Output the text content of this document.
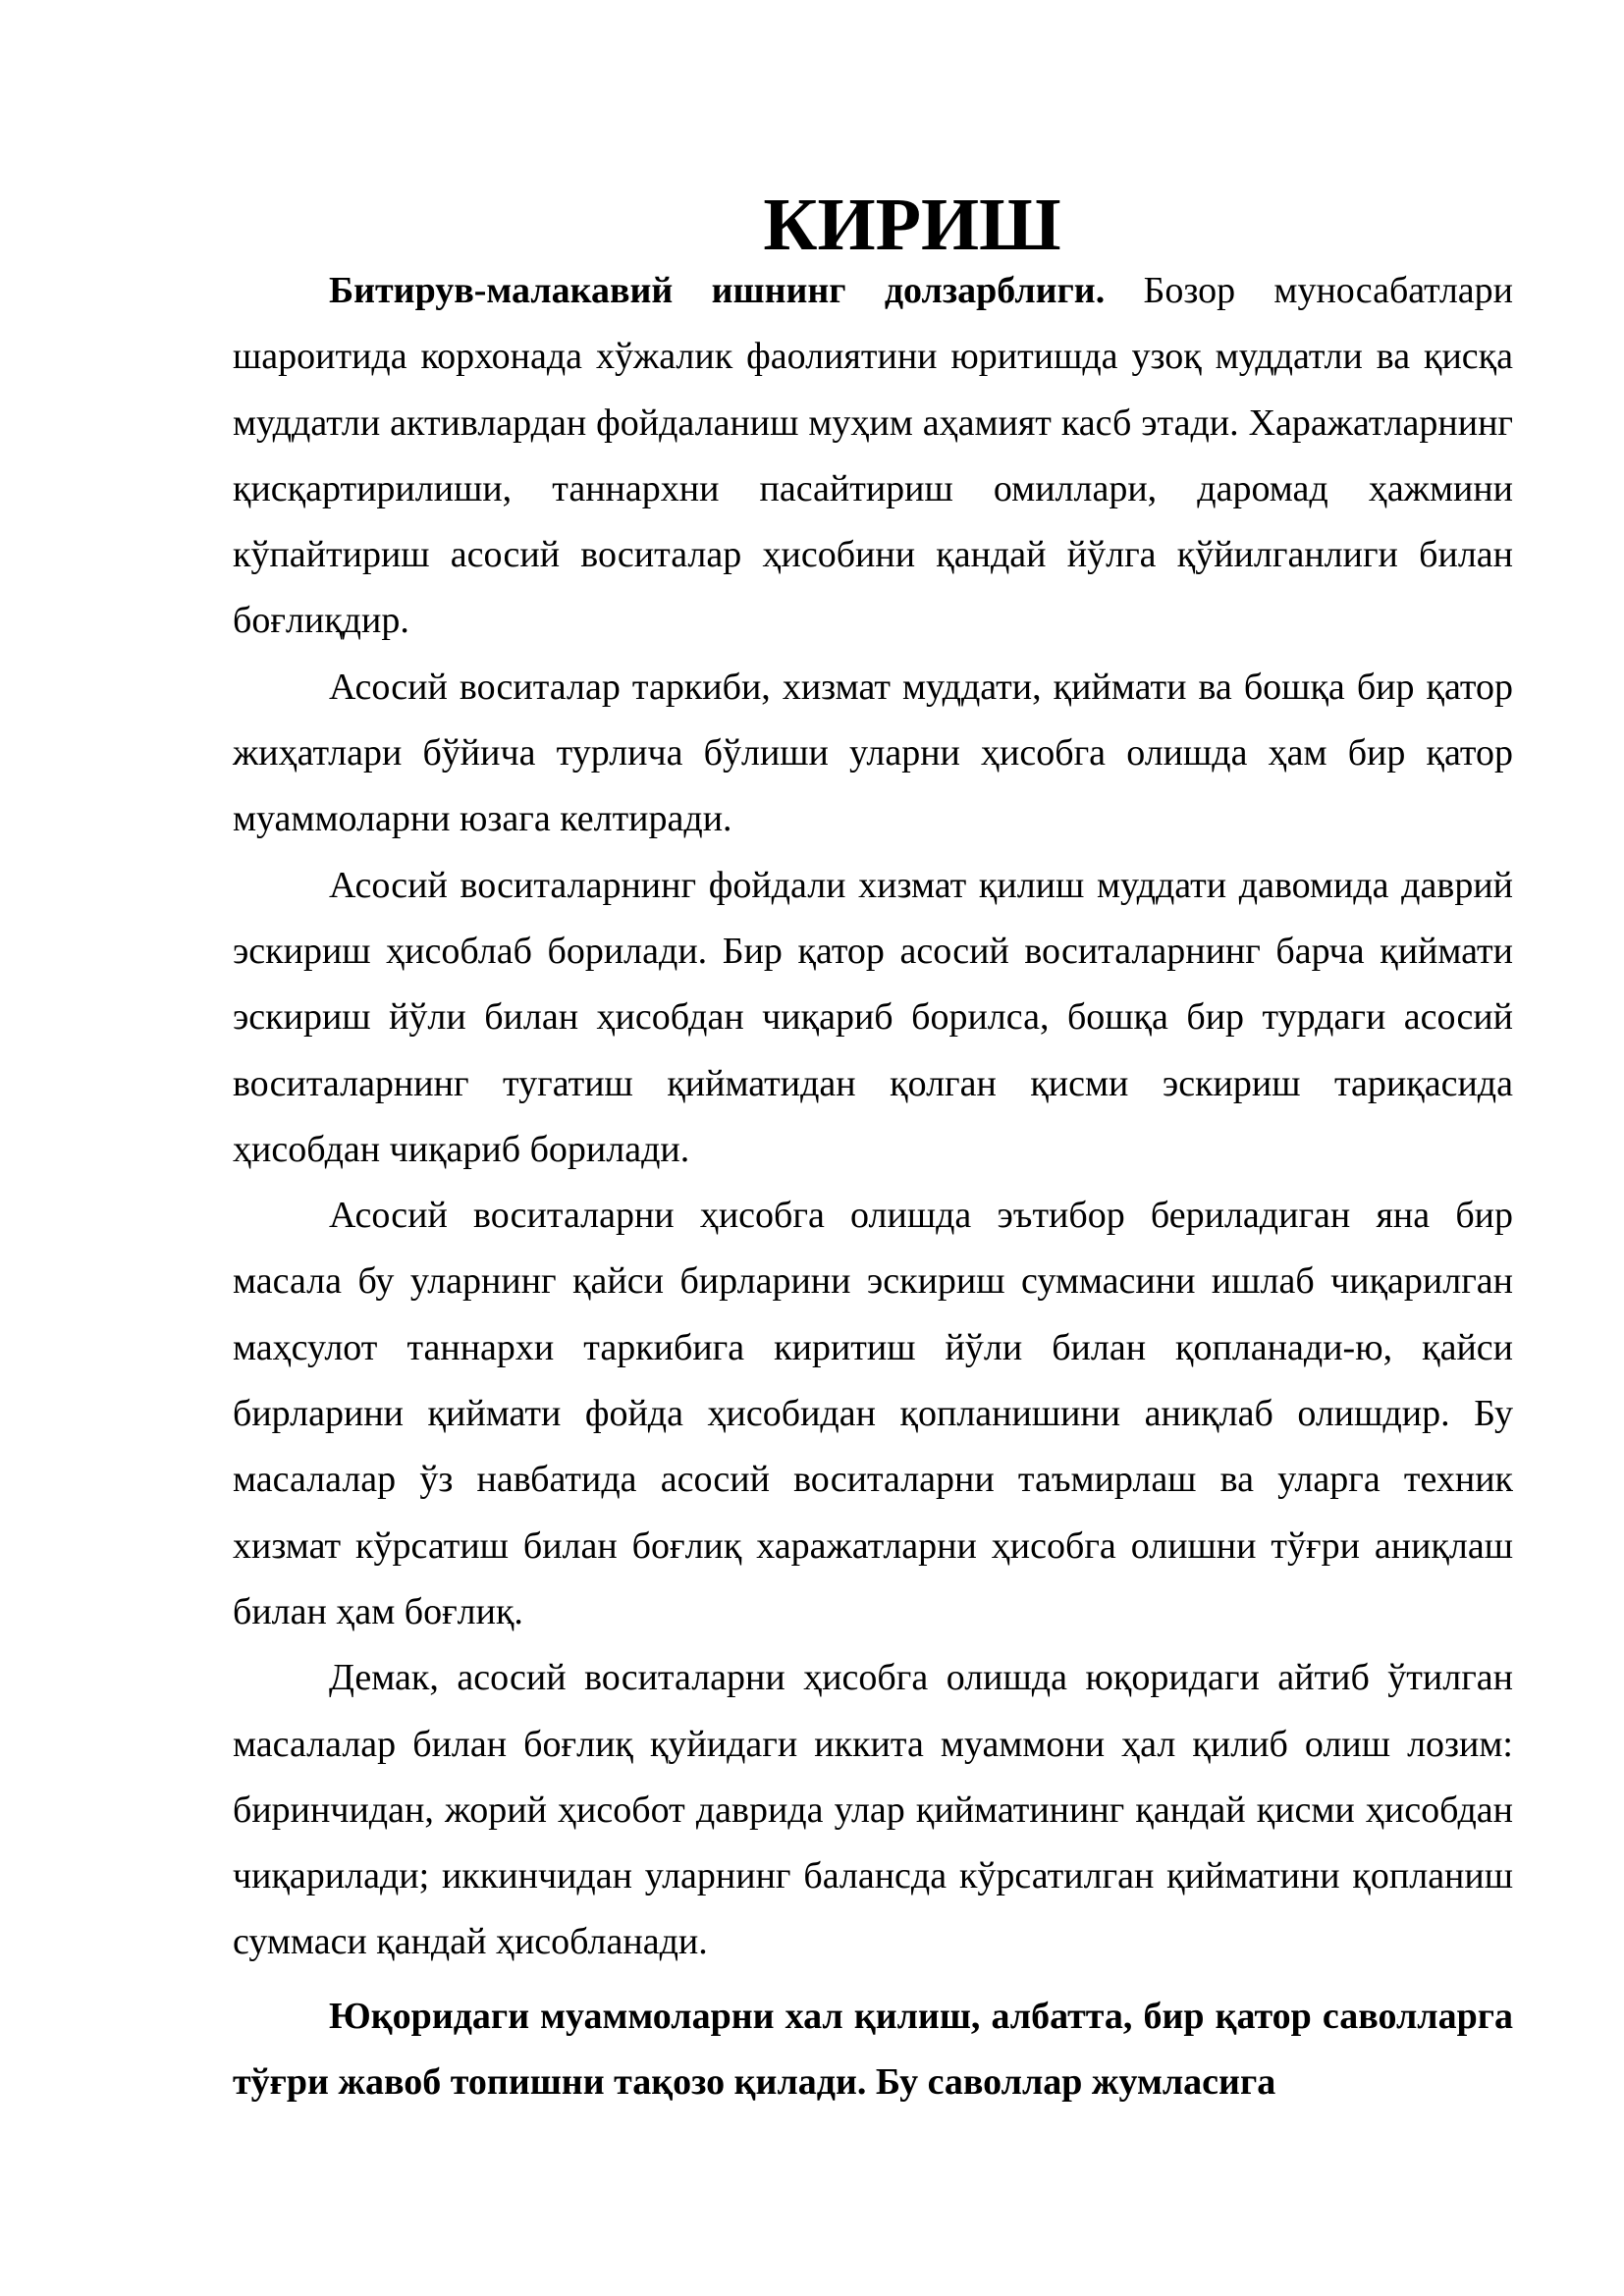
КИРИШ

Битирув-малакавий ишнинг долзарблиги. Бозор муносабатлари шароитида корхонада хўжалик фаолиятини юритишда узоқ муддатли ва қисқа муддатли активлардан фойдаланиш муҳим аҳамият касб этади. Харажатларнинг қисқартирилиши, таннархни пасайтириш омиллари, даромад ҳажмини кўпайтириш асосий воситалар ҳисобини қандай йўлга қўйилганлиги билан боғлиқдир.

Асосий воситалар таркиби, хизмат муддати, қиймати ва бошқа бир қатор жиҳатлари бўйича турлича бўлиши уларни ҳисобга олишда ҳам бир қатор муаммоларни юзага келтиради.

Асосий воситаларнинг фойдали хизмат қилиш муддати давомида даврий эскириш ҳисоблаб борилади. Бир қатор асосий воситаларнинг барча қиймати эскириш йўли билан ҳисобдан чиқариб борилса, бошқа бир турдаги асосий воситаларнинг тугатиш қийматидан қолган қисми эскириш тариқасида ҳисобдан чиқариб борилади.

Асосий воситаларни ҳисобга олишда эътибор бериладиган яна бир масала бу уларнинг қайси бирларини эскириш суммасини ишлаб чиқарилган маҳсулот таннархи таркибига киритиш йўли билан қопланади-ю, қайси бирларини қиймати фойда ҳисобидан қопланишини аниқлаб олишдир. Бу масалалар ўз навбатида асосий воситаларни таъмирлаш ва уларга техник хизмат кўрсатиш билан боғлиқ харажатларни ҳисобга олишни тўғри аниқлаш билан ҳам боғлиқ.

Демак, асосий воситаларни ҳисобга олишда юқоридаги айтиб ўтилган масалалар билан боғлиқ қуйидаги иккита муаммони ҳал қилиб олиш лозим: биринчидан, жорий ҳисобот даврида улар қийматининг қандай қисми ҳисобдан чиқарилади; иккинчидан уларнинг балансда кўрсатилган қийматини қопланиш суммаси қандай ҳисобланади.

Юқоридаги муаммоларни хал қилиш, албатта, бир қатор саволларга тўғри жавоб топишни тақозо қилади. Бу саволлар жумласига
